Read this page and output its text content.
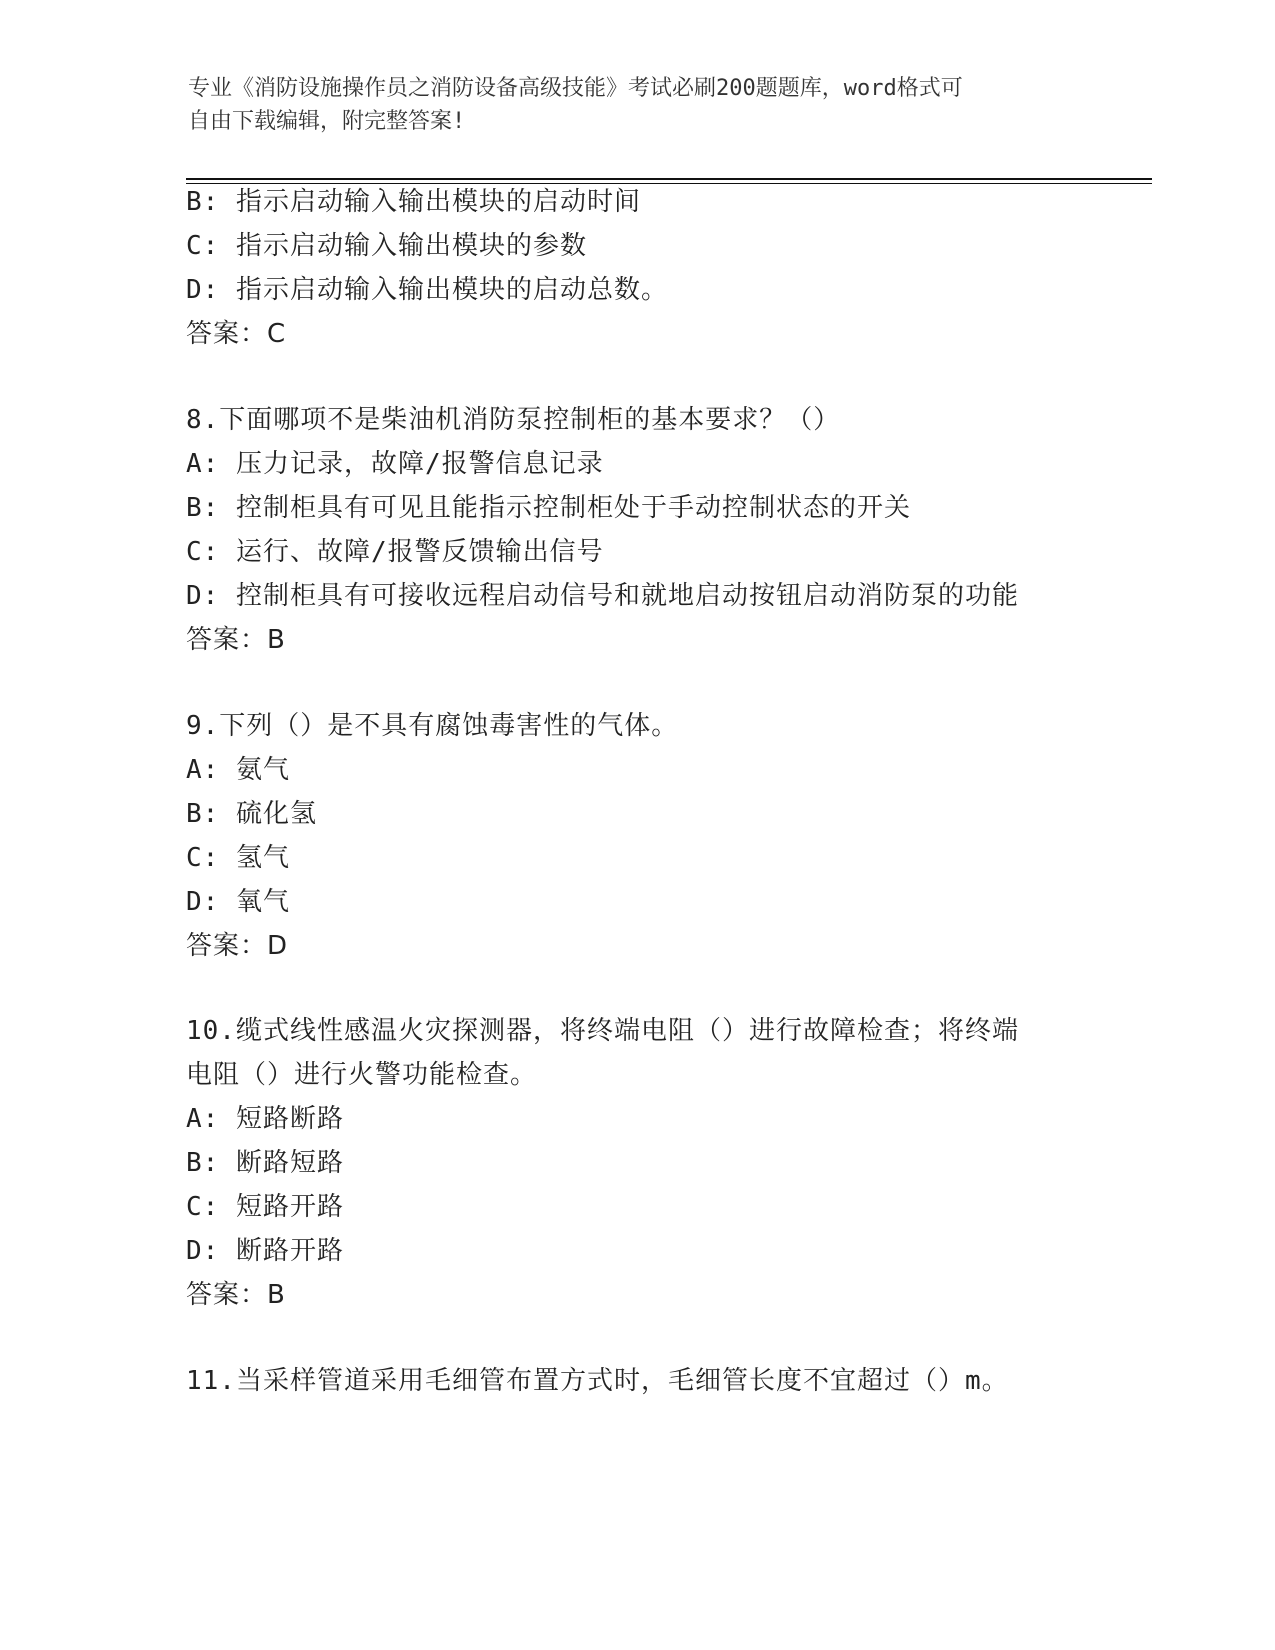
专业《消防设施操作员之消防设备高级技能》考试必刷200题题库，word格式可
自由下载编辑，附完整答案!
B: 指示启动输入输出模块的启动时间
C: 指示启动输入输出模块的参数
D: 指示启动输入输出模块的启动总数。
答案：C
8.下面哪项不是柴油机消防泵控制柜的基本要求？（）
A: 压力记录，故障/报警信息记录
B: 控制柜具有可见且能指示控制柜处于手动控制状态的开关
C: 运行、故障/报警反馈输出信号
D: 控制柜具有可接收远程启动信号和就地启动按钮启动消防泵的功能
答案：B
9.下列（）是不具有腐蚀毒害性的气体。
A: 氨气
B: 硫化氢
C: 氢气
D: 氧气
答案：D
10.缆式线性感温火灾探测器，将终端电阻（）进行故障检查；将终端
电阻（）进行火警功能检查。
A: 短路断路
B: 断路短路
C: 短路开路
D: 断路开路
答案：B
11.当采样管道采用毛细管布置方式时，毛细管长度不宜超过（）m。
